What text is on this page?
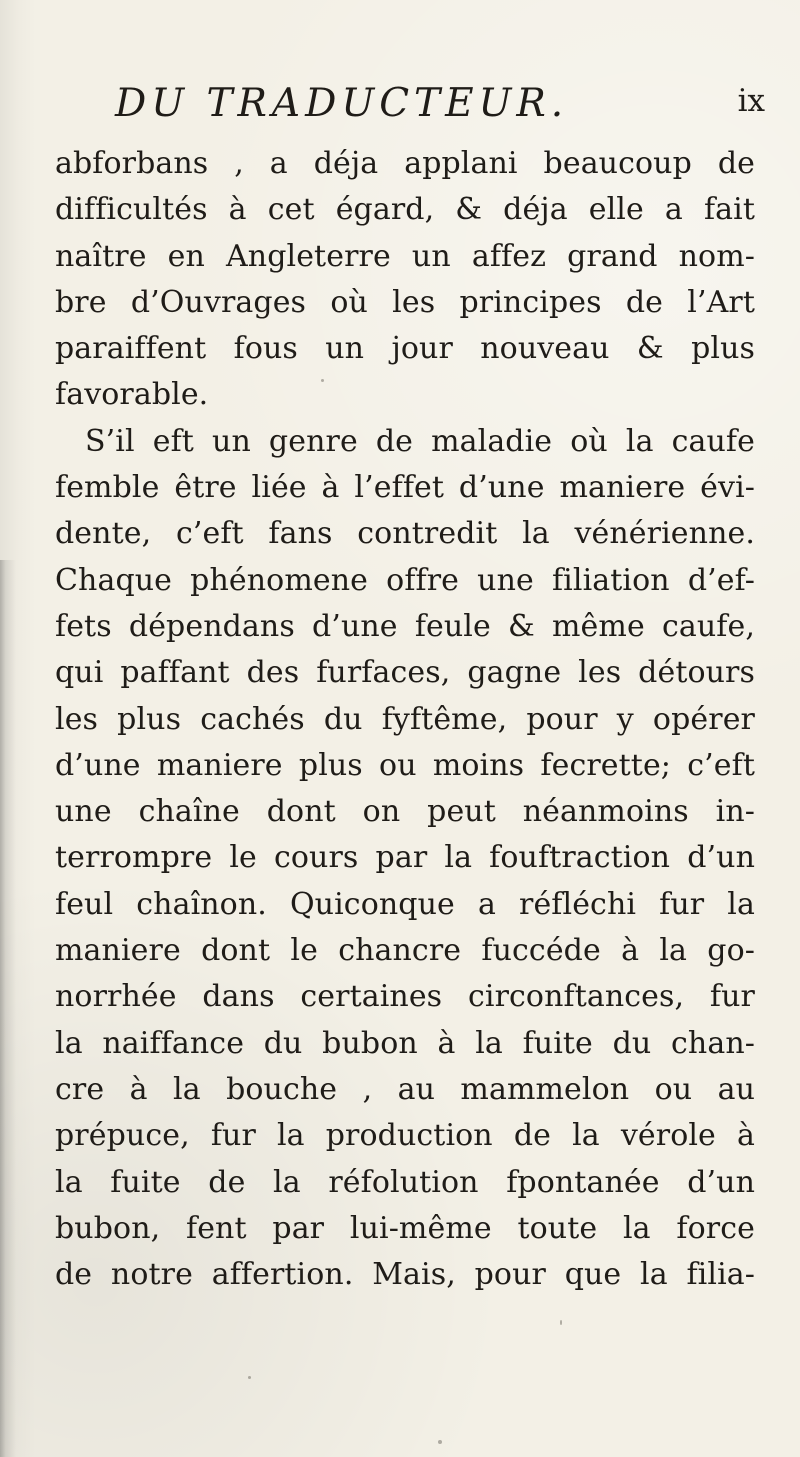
DU TRADUCTEUR.	ix
abforbans , a déja applani beaucoup de
difficultés à cet égard, & déja elle a fait
naître en Angleterre un affez grand nom-
bre d’Ouvrages où les principes de l’Art
paraiffent fous un jour nouveau & plus
favorable.
S’il eft un genre de maladie où la caufe
femble être liée à l’effet d’une maniere évi-
dente, c’eft fans contredit la vénérienne.
Chaque phénomene offre une filiation d’ef-
fets dépendans d’une feule & même caufe,
qui paffant des furfaces, gagne les détours
les plus cachés du fyftême, pour y opérer
d’une maniere plus ou moins fecrette; c’eft
une chaîne dont on peut néanmoins in-
terrompre le cours par la fouftraction d’un
feul chaînon. Quiconque a réfléchi fur la
maniere dont le chancre fuccéde à la go-
norrhée dans certaines circonftances, fur
la naiffance du bubon à la fuite du chan-
cre à la bouche , au mammelon ou au
prépuce, fur la production de la vérole à
la fuite de la réfolution fpontanée d’un
bubon, fent par lui-même toute la force
de notre affertion. Mais, pour que la filia-
